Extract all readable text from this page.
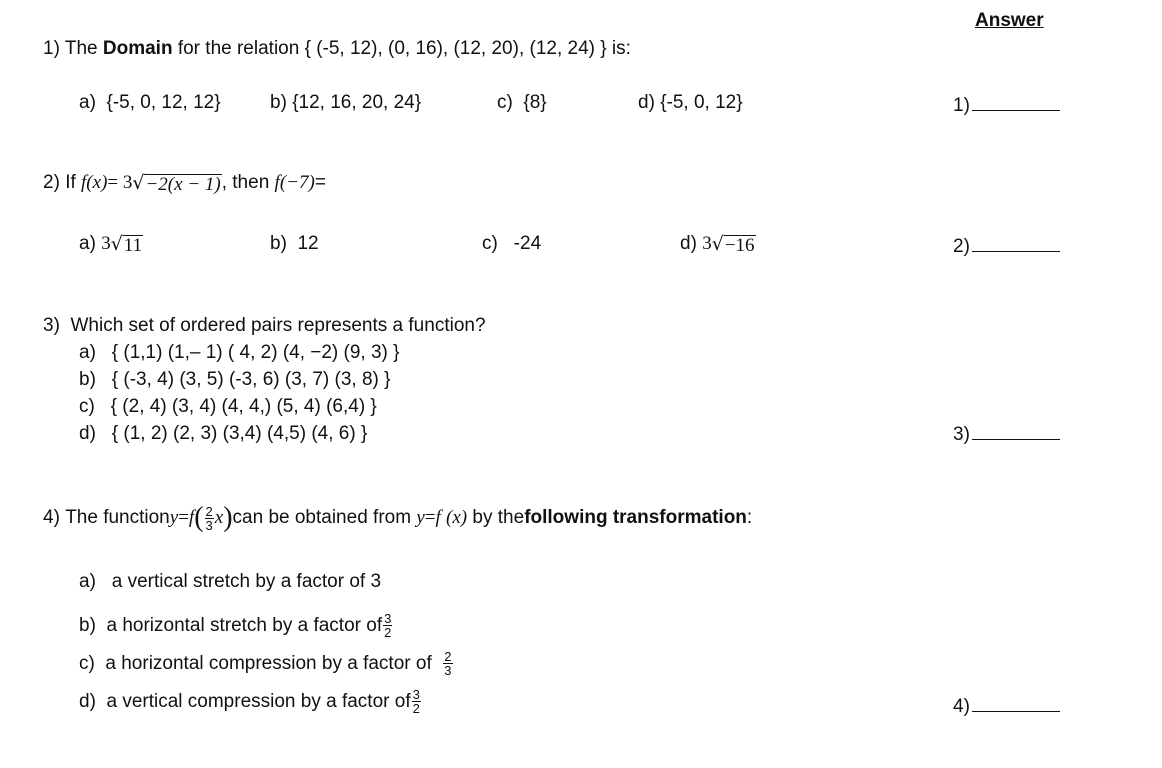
Answer
1) The Domain for the relation { (-5, 12), (0, 16), (12, 20), (12, 24) } is:
a) {-5, 0, 12, 12}	b) {12, 16, 20, 24}	c) {8}	d) {-5, 0, 12}	1)
2)
If
f(x) = 3 √ −2(x − 1) , then
f(−7) =
a)
3 √ 11	b) 12	c) -24	d)
3 √ −16	2)
3) Which set of ordered pairs represents a function?
a) { (1,1) (1,– 1) ( 4, 2) (4, −2) (9, 3) }
b) { (-3, 4) (3, 5) (-3, 6) (3, 7) (3, 8) }
c) { (2, 4) (3, 4) (4, 4,) (5, 4) (6,4) }
d) { (1, 2) (2, 3) (3,4) (4,5) (4, 6) }	3)
4)
The function y = f ( $\frac{2}{3}$ x ) can be obtained from
y = f
(x)
by the following transformation :
a) a vertical stretch by a factor of 3
b)
a horizontal stretch by a factor of $\frac{3}{2}$
c)
a horizontal compression by a factor of
$\frac{2}{3}$
d)
a vertical compression by a factor of $\frac{3}{2}$	4)
